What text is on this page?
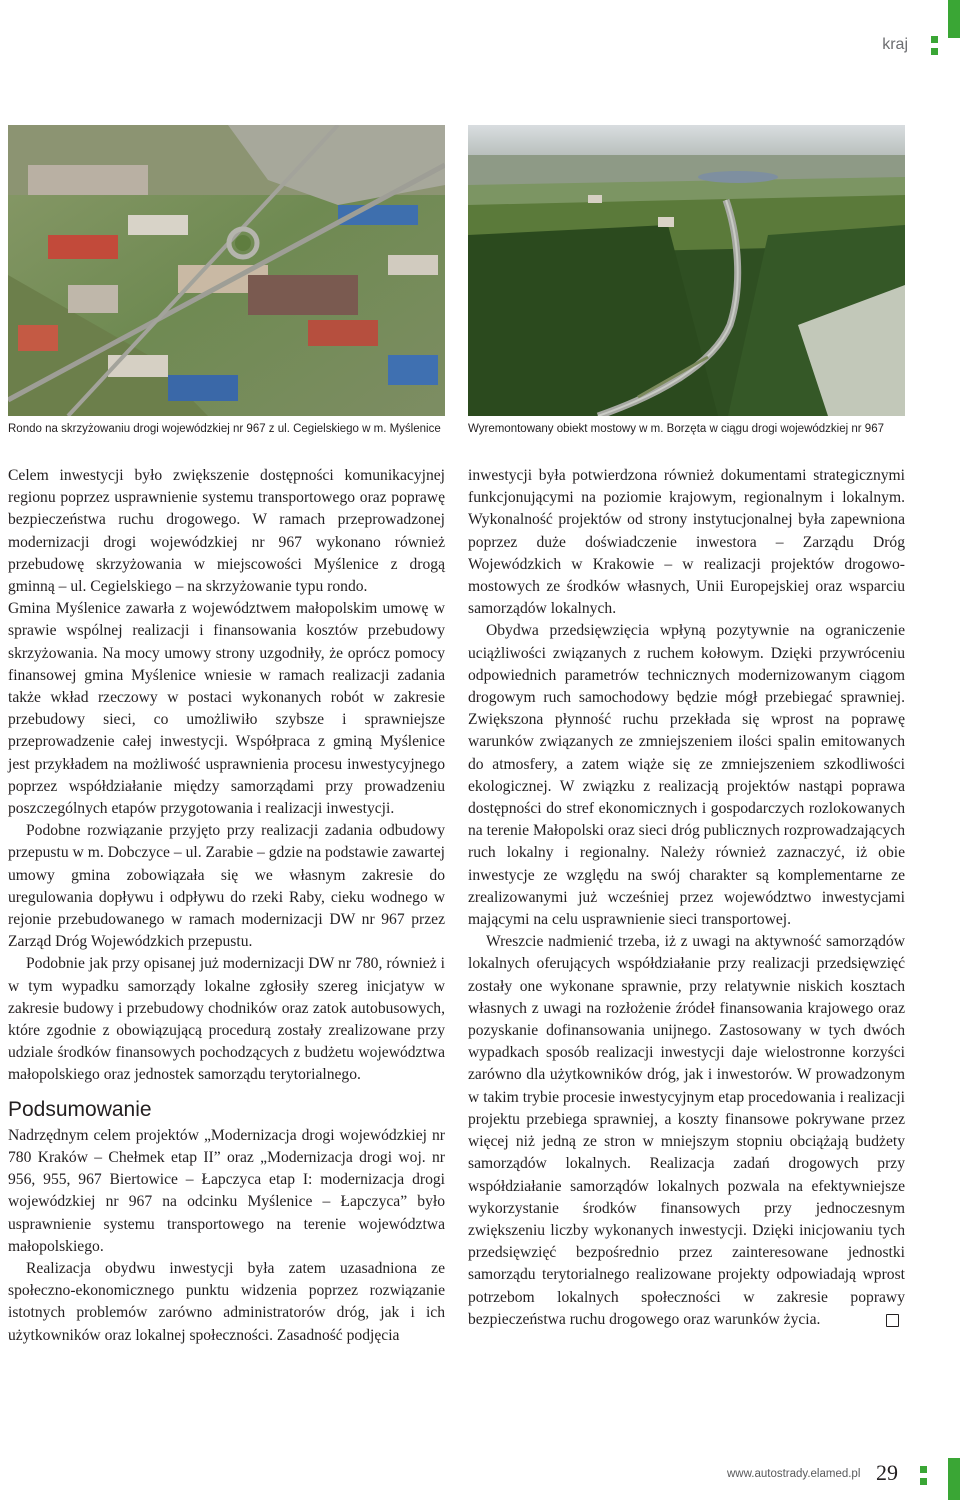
kraj
Rondo na skrzyżowaniu drogi wojewódzkiej nr 967 z ul. Cegielskiego w m. Myślenice	Wyremontowany obiekt mostowy w m. Borzęta w ciągu drogi wojewódzkiej nr 967

Celem inwestycji było zwiększenie dostępności komunikacyjnej regionu poprzez usprawnienie systemu transportowego oraz poprawę bezpieczeństwa ruchu drogowego. W ramach przeprowadzonej modernizacji drogi wojewódzkiej nr 967 wykonano również przebudowę skrzyżowania w miejscowości Myślenice z drogą gminną – ul. Cegielskiego – na skrzyżowanie typu rondo.

Gmina Myślenice zawarła z województwem małopolskim umowę w sprawie wspólnej realizacji i finansowania kosztów przebudowy skrzyżowania. Na mocy umowy strony uzgodniły, że oprócz pomocy finansowej gmina Myślenice wniesie w ramach realizacji zadania także wkład rzeczowy w postaci wykonanych robót w zakresie przebudowy sieci, co umożliwiło szybsze i sprawniejsze przeprowadzenie całej inwestycji. Współpraca z gminą Myślenice jest przykładem na możliwość usprawnienia procesu inwestycyjnego poprzez współdziałanie między samorządami przy prowadzeniu poszczególnych etapów przygotowania i realizacji inwestycji.

Podobne rozwiązanie przyjęto przy realizacji zadania odbudowy przepustu w m. Dobczyce – ul. Zarabie – gdzie na podstawie zawartej umowy gmina zobowiązała się we własnym zakresie do uregulowania dopływu i odpływu do rzeki Raby, cieku wodnego w rejonie przebudowanego w ramach modernizacji DW nr 967 przez Zarząd Dróg Wojewódzkich przepustu.

Podobnie jak przy opisanej już modernizacji DW nr 780, również i w tym wypadku samorządy lokalne zgłosiły szereg inicjatyw w zakresie budowy i przebudowy chodników oraz zatok autobusowych, które zgodnie z obowiązującą procedurą zostały zrealizowane przy udziale środków finansowych pochodzących z budżetu województwa małopolskiego oraz jednostek samorządu terytorialnego.

Podsumowanie

Nadrzędnym celem projektów „Modernizacja drogi wojewódzkiej nr 780 Kraków – Chełmek etap II” oraz „Modernizacja drogi woj. nr 956, 955, 967 Biertowice – Łapczyca etap I: modernizacja drogi wojewódzkiej nr 967 na odcinku Myślenice – Łapczyca” było usprawnienie systemu transportowego na terenie województwa małopolskiego.

Realizacja obydwu inwestycji była zatem uzasadniona ze społeczno-ekonomicznego punktu widzenia poprzez rozwiązanie istotnych problemów zarówno administratorów dróg, jak i ich użytkowników oraz lokalnej społeczności. Zasadność podjęcia

inwestycji była potwierdzona również dokumentami strategicznymi funkcjonującymi na poziomie krajowym, regionalnym i lokalnym. Wykonalność projektów od strony instytucjonalnej była zapewniona poprzez duże doświadczenie inwestora – Zarządu Dróg Wojewódzkich w Krakowie – w realizacji projektów drogowo-mostowych ze środków własnych, Unii Europejskiej oraz wsparciu samorządów lokalnych.

Obydwa przedsięwzięcia wpłyną pozytywnie na ograniczenie uciążliwości związanych z ruchem kołowym. Dzięki przywróceniu odpowiednich parametrów technicznych modernizowanym ciągom drogowym ruch samochodowy będzie mógł przebiegać sprawniej. Zwiększona płynność ruchu przekłada się wprost na poprawę warunków związanych ze zmniejszeniem ilości spalin emitowanych do atmosfery, a zatem wiąże się ze zmniejszeniem szkodliwości ekologicznej. W związku z realizacją projektów nastąpi poprawa dostępności do stref ekonomicznych i gospodarczych rozlokowanych na terenie Małopolski oraz sieci dróg publicznych rozprowadzających ruch lokalny i regionalny. Należy również zaznaczyć, iż obie inwestycje ze względu na swój charakter są komplementarne ze zrealizowanymi już wcześniej przez województwo inwestycjami mającymi na celu usprawnienie sieci transportowej.

Wreszcie nadmienić trzeba, iż z uwagi na aktywność samorządów lokalnych oferujących współdziałanie przy realizacji przedsięwzięć zostały one wykonane sprawnie, przy relatywnie niskich kosztach własnych z uwagi na rozłożenie źródeł finansowania krajowego oraz pozyskanie dofinansowania unijnego. Zastosowany w tych dwóch wypadkach sposób realizacji inwestycji daje wielostronne korzyści zarówno dla użytkowników dróg, jak i inwestorów. W prowadzonym w takim trybie procesie inwestycyjnym etap procedowania i realizacji projektu przebiega sprawniej, a koszty finansowe pokrywane przez więcej niż jedną ze stron w mniejszym stopniu obciążają budżety samorządów lokalnych. Realizacja zadań drogowych przy współdziałanie samorządów lokalnych pozwala na efektywniejsze wykorzystanie środków finansowych przy jednoczesnym zwiększeniu liczby wykonanych inwestycji. Dzięki inicjowaniu tych przedsięwzięć bezpośrednio przez zainteresowane jednostki samorządu terytorialnego realizowane projekty odpowiadają wprost potrzebom lokalnych społeczności w zakresie poprawy bezpieczeństwa ruchu drogowego oraz warunków życia.

www.autostrady.elamed.pl 29
